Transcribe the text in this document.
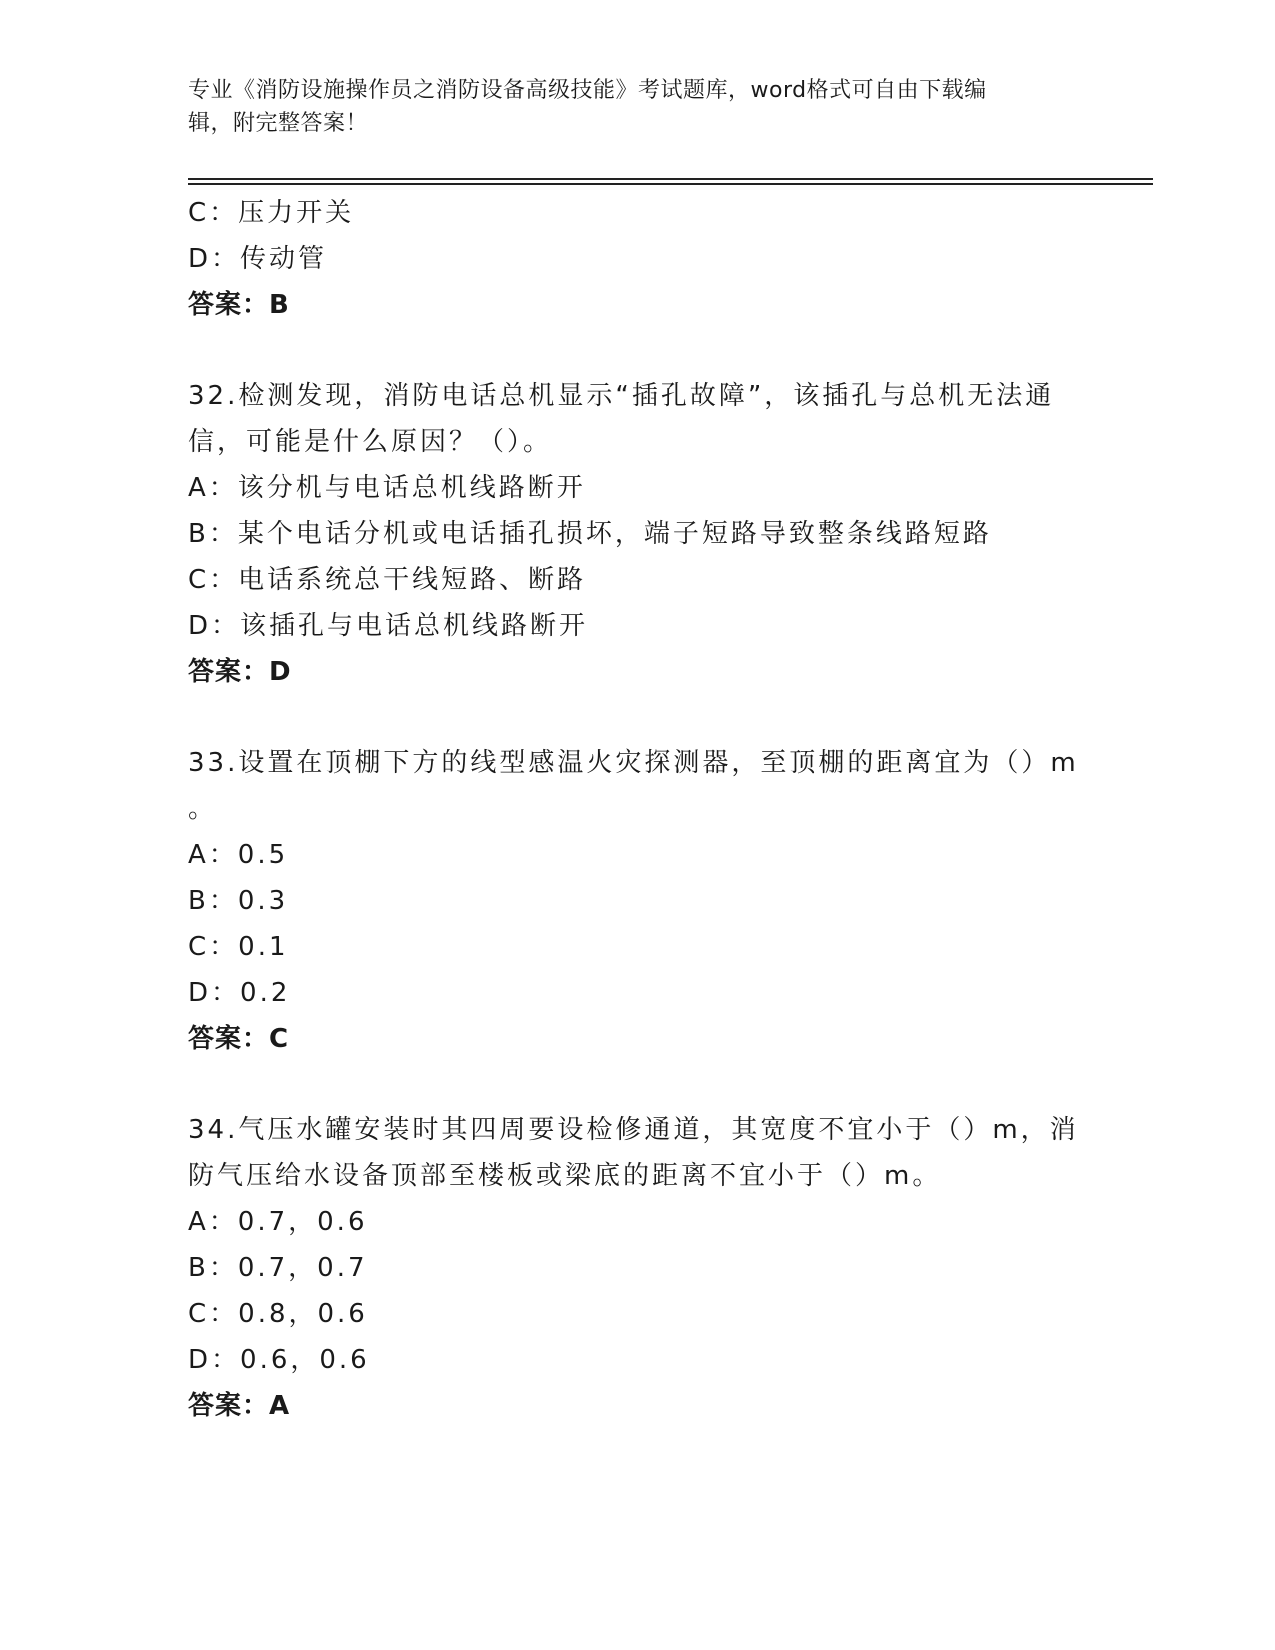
专业《消防设施操作员之消防设备高级技能》考试题库，word格式可自由下载编
辑，附完整答案！
C：压力开关
D：传动管
答案：B
32.检测发现，消防电话总机显示“插孔故障”，该插孔与总机无法通
信，可能是什么原因？（）。
A：该分机与电话总机线路断开
B：某个电话分机或电话插孔损坏，端子短路导致整条线路短路
C：电话系统总干线短路、断路
D：该插孔与电话总机线路断开
答案：D
33.设置在顶棚下方的线型感温火灾探测器，至顶棚的距离宜为（）m
。
A：0.5
B：0.3
C：0.1
D：0.2
答案：C
34.气压水罐安装时其四周要设检修通道，其宽度不宜小于（）m，消
防气压给水设备顶部至楼板或梁底的距离不宜小于（）m。
A：0.7，0.6
B：0.7，0.7
C：0.8，0.6
D：0.6，0.6
答案：A
